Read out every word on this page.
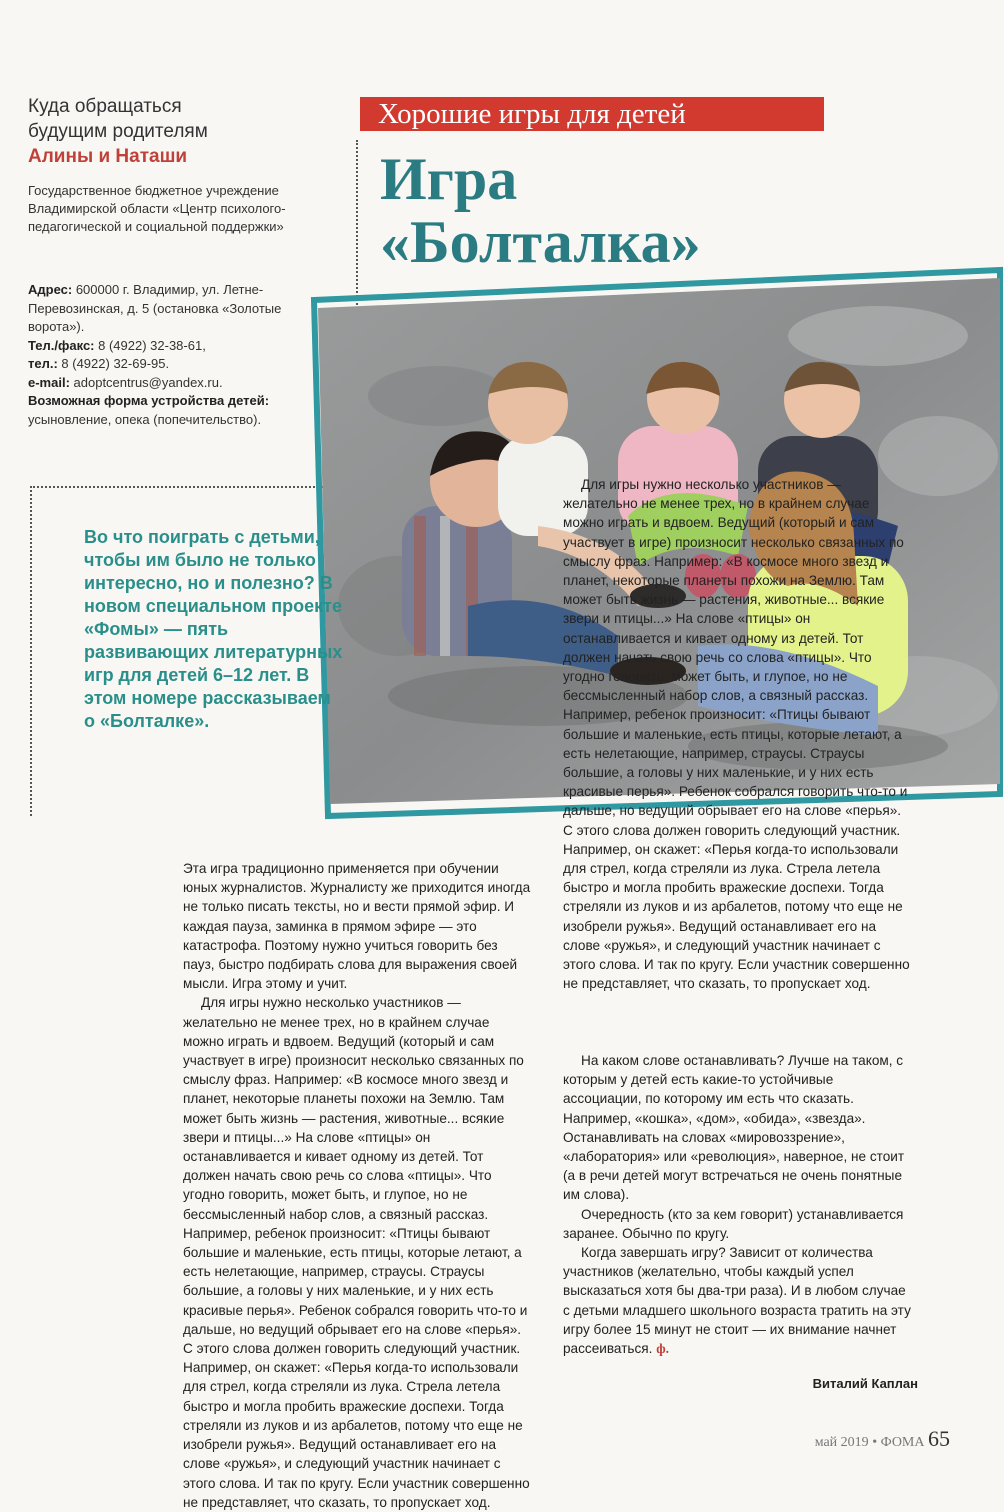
Куда обращаться
будущим родителям
Алины и Наташи
Государственное бюджетное учреждение Владимирской области «Центр психолого-педагогической и социальной поддержки»
Адрес: 600000 г. Владимир, ул. Летне-Перевозинская, д. 5 (остановка «Золотые ворота»).
Тел./факс: 8 (4922) 32-38-61,
тел.: 8 (4922) 32-69-95.
e-mail: adoptcentrus@yandex.ru.
Возможная форма устройства детей: усыновление, опека (попечительство).
Хорошие игры для детей
Игра
«Болталка»
Во что поиграть с детьми, чтобы им было не только интересно, но и полезно? В новом специальном проекте «Фомы» — пять развивающих литературных игр для детей 6–12 лет. В этом номере рассказываем о «Болталке».

Эта игра традиционно применяется при обучении юных журналистов. Журналисту же приходится иногда не только писать тексты, но и вести прямой эфир. И каждая пауза, заминка в прямом эфире — это катастрофа. Поэтому нужно учиться говорить без пауз, быстро подбирать слова для выражения своей мысли. Игра этому и учит.

Для игры нужно несколько участников — желательно не менее трех, но в крайнем случае можно играть и вдвоем. Ведущий (который и сам участвует в игре) произносит несколько связанных по смыслу фраз. Например: «В космосе много звезд и планет, некоторые планеты похожи на Землю. Там может быть жизнь — растения, животные... всякие звери и птицы...» На слове «птицы» он останавливается и кивает одному из детей. Тот должен начать свою речь со слова «птицы». Что угодно говорить, может быть, и глупое, но не бессмысленный набор слов, а связный рассказ. Например, ребенок произносит: «Птицы бывают большие и маленькие, есть птицы, которые летают, а есть нелетающие, например, страусы. Страусы большие, а головы у них маленькие, и у них есть красивые перья». Ребенок собрался говорить что-то и дальше, но ведущий обрывает его на слове «перья». С этого слова должен говорить следующий участник. Например, он скажет: «Перья когда-то использовали для стрел, когда стреляли из лука. Стрела летела быстро и могла пробить вражеские доспехи. Тогда стреляли из луков и из арбалетов, потому что еще не изобрели ружья». Ведущий останавливает его на слове «ружья», и следующий участник начинает с этого слова. И так по кругу. Если участник совершенно не представляет, что сказать, то пропускает ход.

Для игры нужно несколько участников — желательно не менее трех, но в крайнем случае можно играть и вдвоем. Ведущий (который и сам участвует в игре) произносит несколько связанных по смыслу фраз. Например: «В космосе много звезд и планет, некоторые планеты похожи на Землю. Там может быть жизнь — растения, животные... всякие звери и птицы...» На слове «птицы» он останавливается и кивает одному из детей. Тот должен начать свою речь со слова «птицы». Что угодно говорить, может быть, и глупое, но не бессмысленный набор слов, а связный рассказ. Например, ребенок произносит: «Птицы бывают большие и маленькие, есть птицы, которые летают, а есть нелетающие, например, страусы. Страусы большие, а головы у них маленькие, и у них есть красивые перья». Ребенок собрался говорить что-то и дальше, но ведущий обрывает его на слове «перья». С этого слова должен говорить следующий участник. Например, он скажет: «Перья когда-то использовали для стрел, когда стреляли из лука. Стрела летела быстро и могла пробить вражеские доспехи. Тогда стреляли из луков и из арбалетов, потому что еще не изобрели ружья». Ведущий останавливает его на слове «ружья», и следующий участник начинает с этого слова. И так по кругу. Если участник совершенно не представляет, что сказать, то пропускает ход.

На каком слове останавливать? Лучше на таком, с которым у детей есть какие-то устойчивые ассоциации, по которому им есть что сказать. Например, «кошка», «дом», «обида», «звезда». Останавливать на словах «мировоззрение», «лаборатория» или «революция», наверное, не стоит (а в речи детей могут встречаться не очень понятные им слова).

Очередность (кто за кем говорит) устанавливается заранее. Обычно по кругу.

Когда завершать игру? Зависит от количества участников (желательно, чтобы каждый успел высказаться хотя бы два-три раза). И в любом случае с детьми младшего школьного возраста тратить на эту игру более 15 минут не стоит — их внимание начнет рассеиваться. ф.

Виталий Каплан
май 2019 • ФОМА 65
